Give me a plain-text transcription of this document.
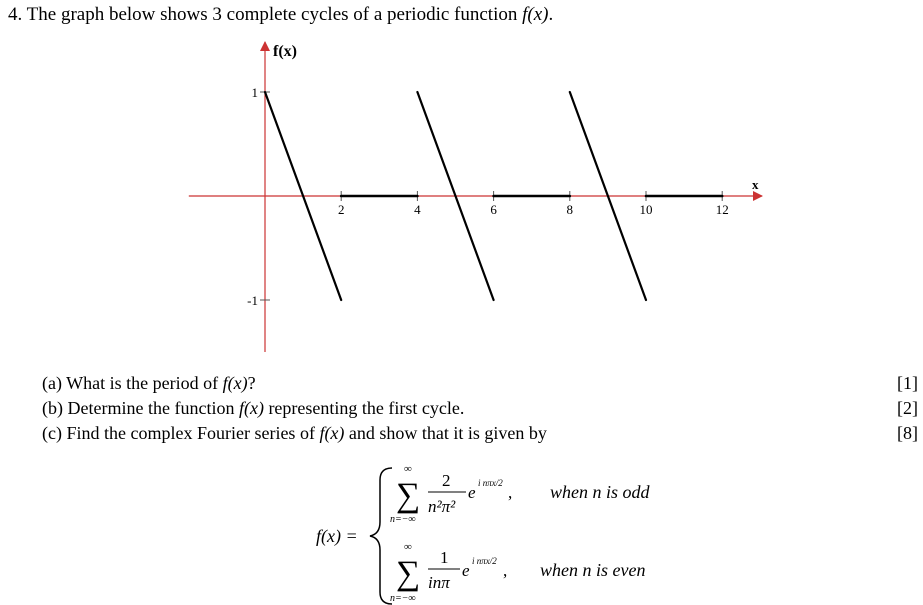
4. The graph below shows 3 complete cycles of a periodic function f(x).
2	4	6	8	10	12
1
-1
f(x)
x
(a) What is the period of f(x)?	[1]
(b) Determine the function f(x) representing the first cycle.	[2]
(c) Find the complex Fourier series of f(x) and show that it is given by	[8]
f(x) =
∞
∑
n=−∞
2
n²π²
e i nπx/2 , when n is odd
∞
∑
n=−∞
1
inπ
e i nπx/2 , when n is even
